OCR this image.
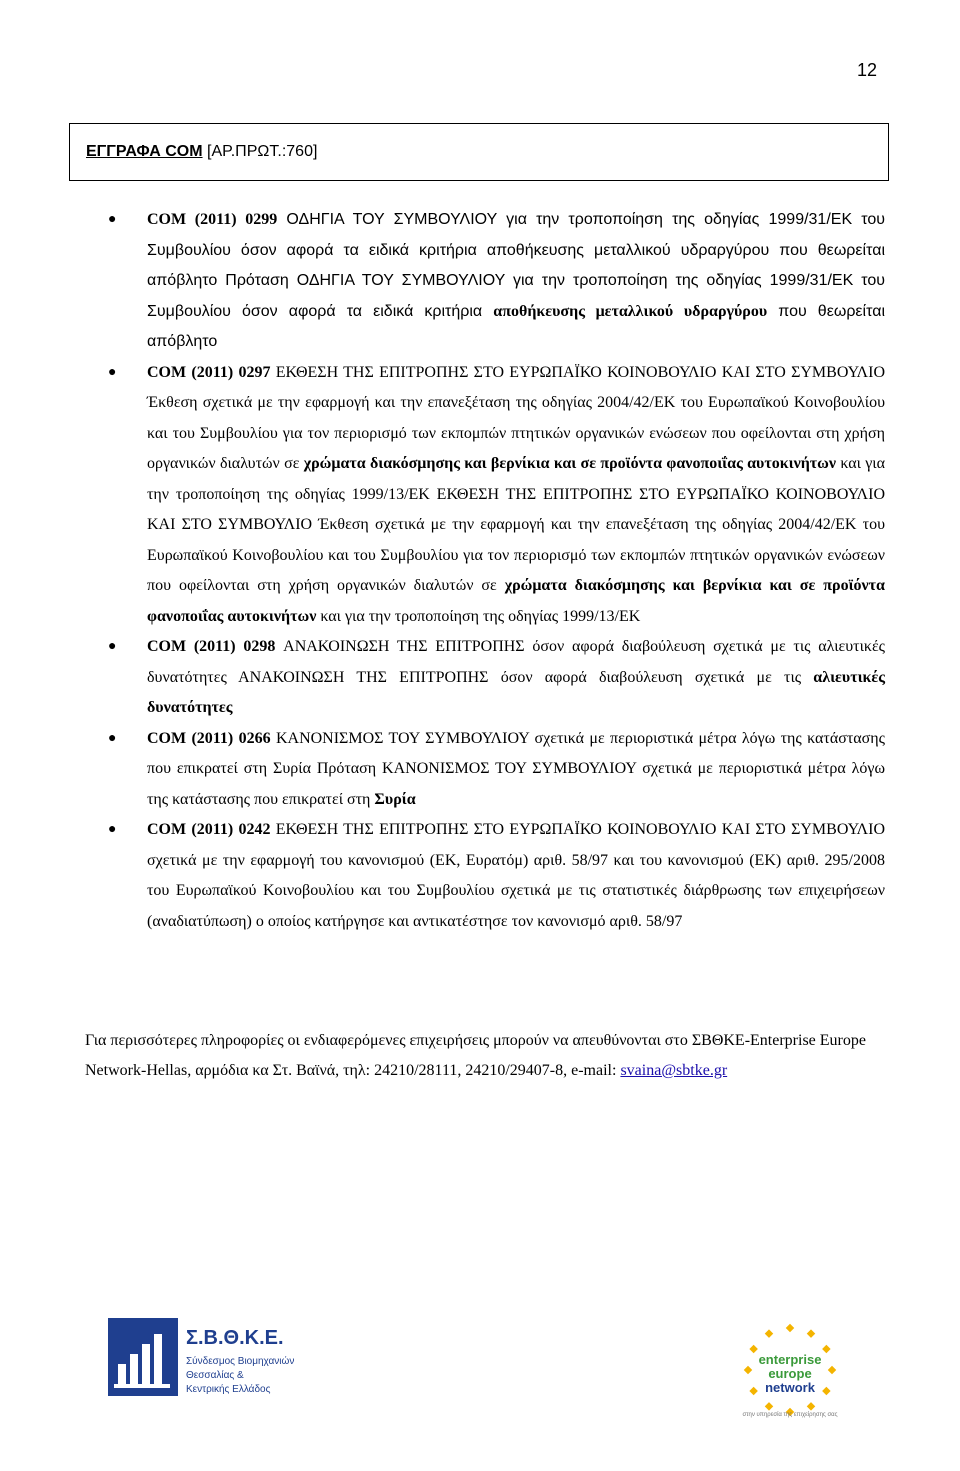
12
ΕΓΓΡΑΦΑ COM [ΑΡ.ΠΡΩΤ.:760]
● COM (2011) 0299 ΟΔΗΓΙΑ ΤΟΥ ΣΥΜΒΟΥΛΙΟΥ για την τροποποίηση της οδηγίας 1999/31/ΕΚ του Συμβουλίου όσον αφορά τα ειδικά κριτήρια αποθήκευσης μεταλλικού υδραργύρου που θεωρείται απόβλητο Πρόταση ΟΔΗΓΙΑ ΤΟΥ ΣΥΜΒΟΥΛΙΟΥ για την τροποποίηση της οδηγίας 1999/31/ΕΚ του Συμβουλίου όσον αφορά τα ειδικά κριτήρια αποθήκευσης μεταλλικού υδραργύρου που θεωρείται απόβλητο
● COM (2011) 0297 ΕΚΘΕΣΗ ΤΗΣ ΕΠΙΤΡΟΠΗΣ ΣΤΟ ΕΥΡΩΠΑΪΚΟ ΚΟΙΝΟΒΟΥΛΙΟ ΚΑΙ ΣΤΟ ΣΥΜΒΟΥΛΙΟ Έκθεση σχετικά με την εφαρμογή και την επανεξέταση της οδηγίας 2004/42/ΕΚ του Ευρωπαϊκού Κοινοβουλίου και του Συμβουλίου για τον περιορισμό των εκπομπών πτητικών οργανικών ενώσεων που οφείλονται στη χρήση οργανικών διαλυτών σε χρώματα διακόσμησης και βερνίκια και σε προϊόντα φανοποιΐας αυτοκινήτων και για την τροποποίηση της οδηγίας 1999/13/ΕΚ ΕΚΘΕΣΗ ΤΗΣ ΕΠΙΤΡΟΠΗΣ ΣΤΟ ΕΥΡΩΠΑΪΚΟ ΚΟΙΝΟΒΟΥΛΙΟ ΚΑΙ ΣΤΟ ΣΥΜΒΟΥΛΙΟ Έκθεση σχετικά με την εφαρμογή και την επανεξέταση της οδηγίας 2004/42/ΕΚ του Ευρωπαϊκού Κοινοβουλίου και του Συμβουλίου για τον περιορισμό των εκπομπών πτητικών οργανικών ενώσεων που οφείλονται στη χρήση οργανικών διαλυτών σε χρώματα διακόσμησης και βερνίκια και σε προϊόντα φανοποιΐας αυτοκινήτων και για την τροποποίηση της οδηγίας 1999/13/ΕΚ
● COM (2011) 0298 ΑΝΑΚΟΙΝΩΣΗ ΤΗΣ ΕΠΙΤΡΟΠΗΣ όσον αφορά διαβούλευση σχετικά με τις αλιευτικές δυνατότητες ΑΝΑΚΟΙΝΩΣΗ ΤΗΣ ΕΠΙΤΡΟΠΗΣ όσον αφορά διαβούλευση σχετικά με τις αλιευτικές δυνατότητες
● COM (2011) 0266 ΚΑΝΟΝΙΣΜΟΣ ΤΟΥ ΣΥΜΒΟΥΛΙΟΥ σχετικά με περιοριστικά μέτρα λόγω της κατάστασης που επικρατεί στη Συρία Πρόταση ΚΑΝΟΝΙΣΜΟΣ ΤΟΥ ΣΥΜΒΟΥΛΙΟΥ σχετικά με περιοριστικά μέτρα λόγω της κατάστασης που επικρατεί στη Συρία
● COM (2011) 0242 ΕΚΘΕΣΗ ΤΗΣ ΕΠΙΤΡΟΠΗΣ ΣΤΟ ΕΥΡΩΠΑΪΚΟ ΚΟΙΝΟΒΟΥΛΙΟ ΚΑΙ ΣΤΟ ΣΥΜΒΟΥΛΙΟ σχετικά με την εφαρμογή του κανονισμού (ΕΚ, Ευρατόμ) αριθ. 58/97 και του κανονισμού (ΕΚ) αριθ. 295/2008 του Ευρωπαϊκού Κοινοβουλίου και του Συμβουλίου σχετικά με τις στατιστικές διάρθρωσης των επιχειρήσεων (αναδιατύπωση) ο οποίος κατήργησε και αντικατέστησε τον κανονισμό αριθ. 58/97
Για περισσότερες πληροφορίες οι ενδιαφερόμενες επιχειρήσεις μπορούν να απευθύνονται στο ΣΒΘΚΕ-Enterprise Europe Network-Hellas, αρμόδια κα Στ. Βαϊνά, τηλ: 24210/28111, 24210/29407-8, e-mail: svaina@sbtke.gr
Σ.Β.Θ.Κ.Ε.
Σύνδεσμος Βιομηχανιών
Θεσσαλίας &
Κεντρικής Ελλάδος
enterprise
europe
network
στην υπηρεσία της επιχείρησης σας
